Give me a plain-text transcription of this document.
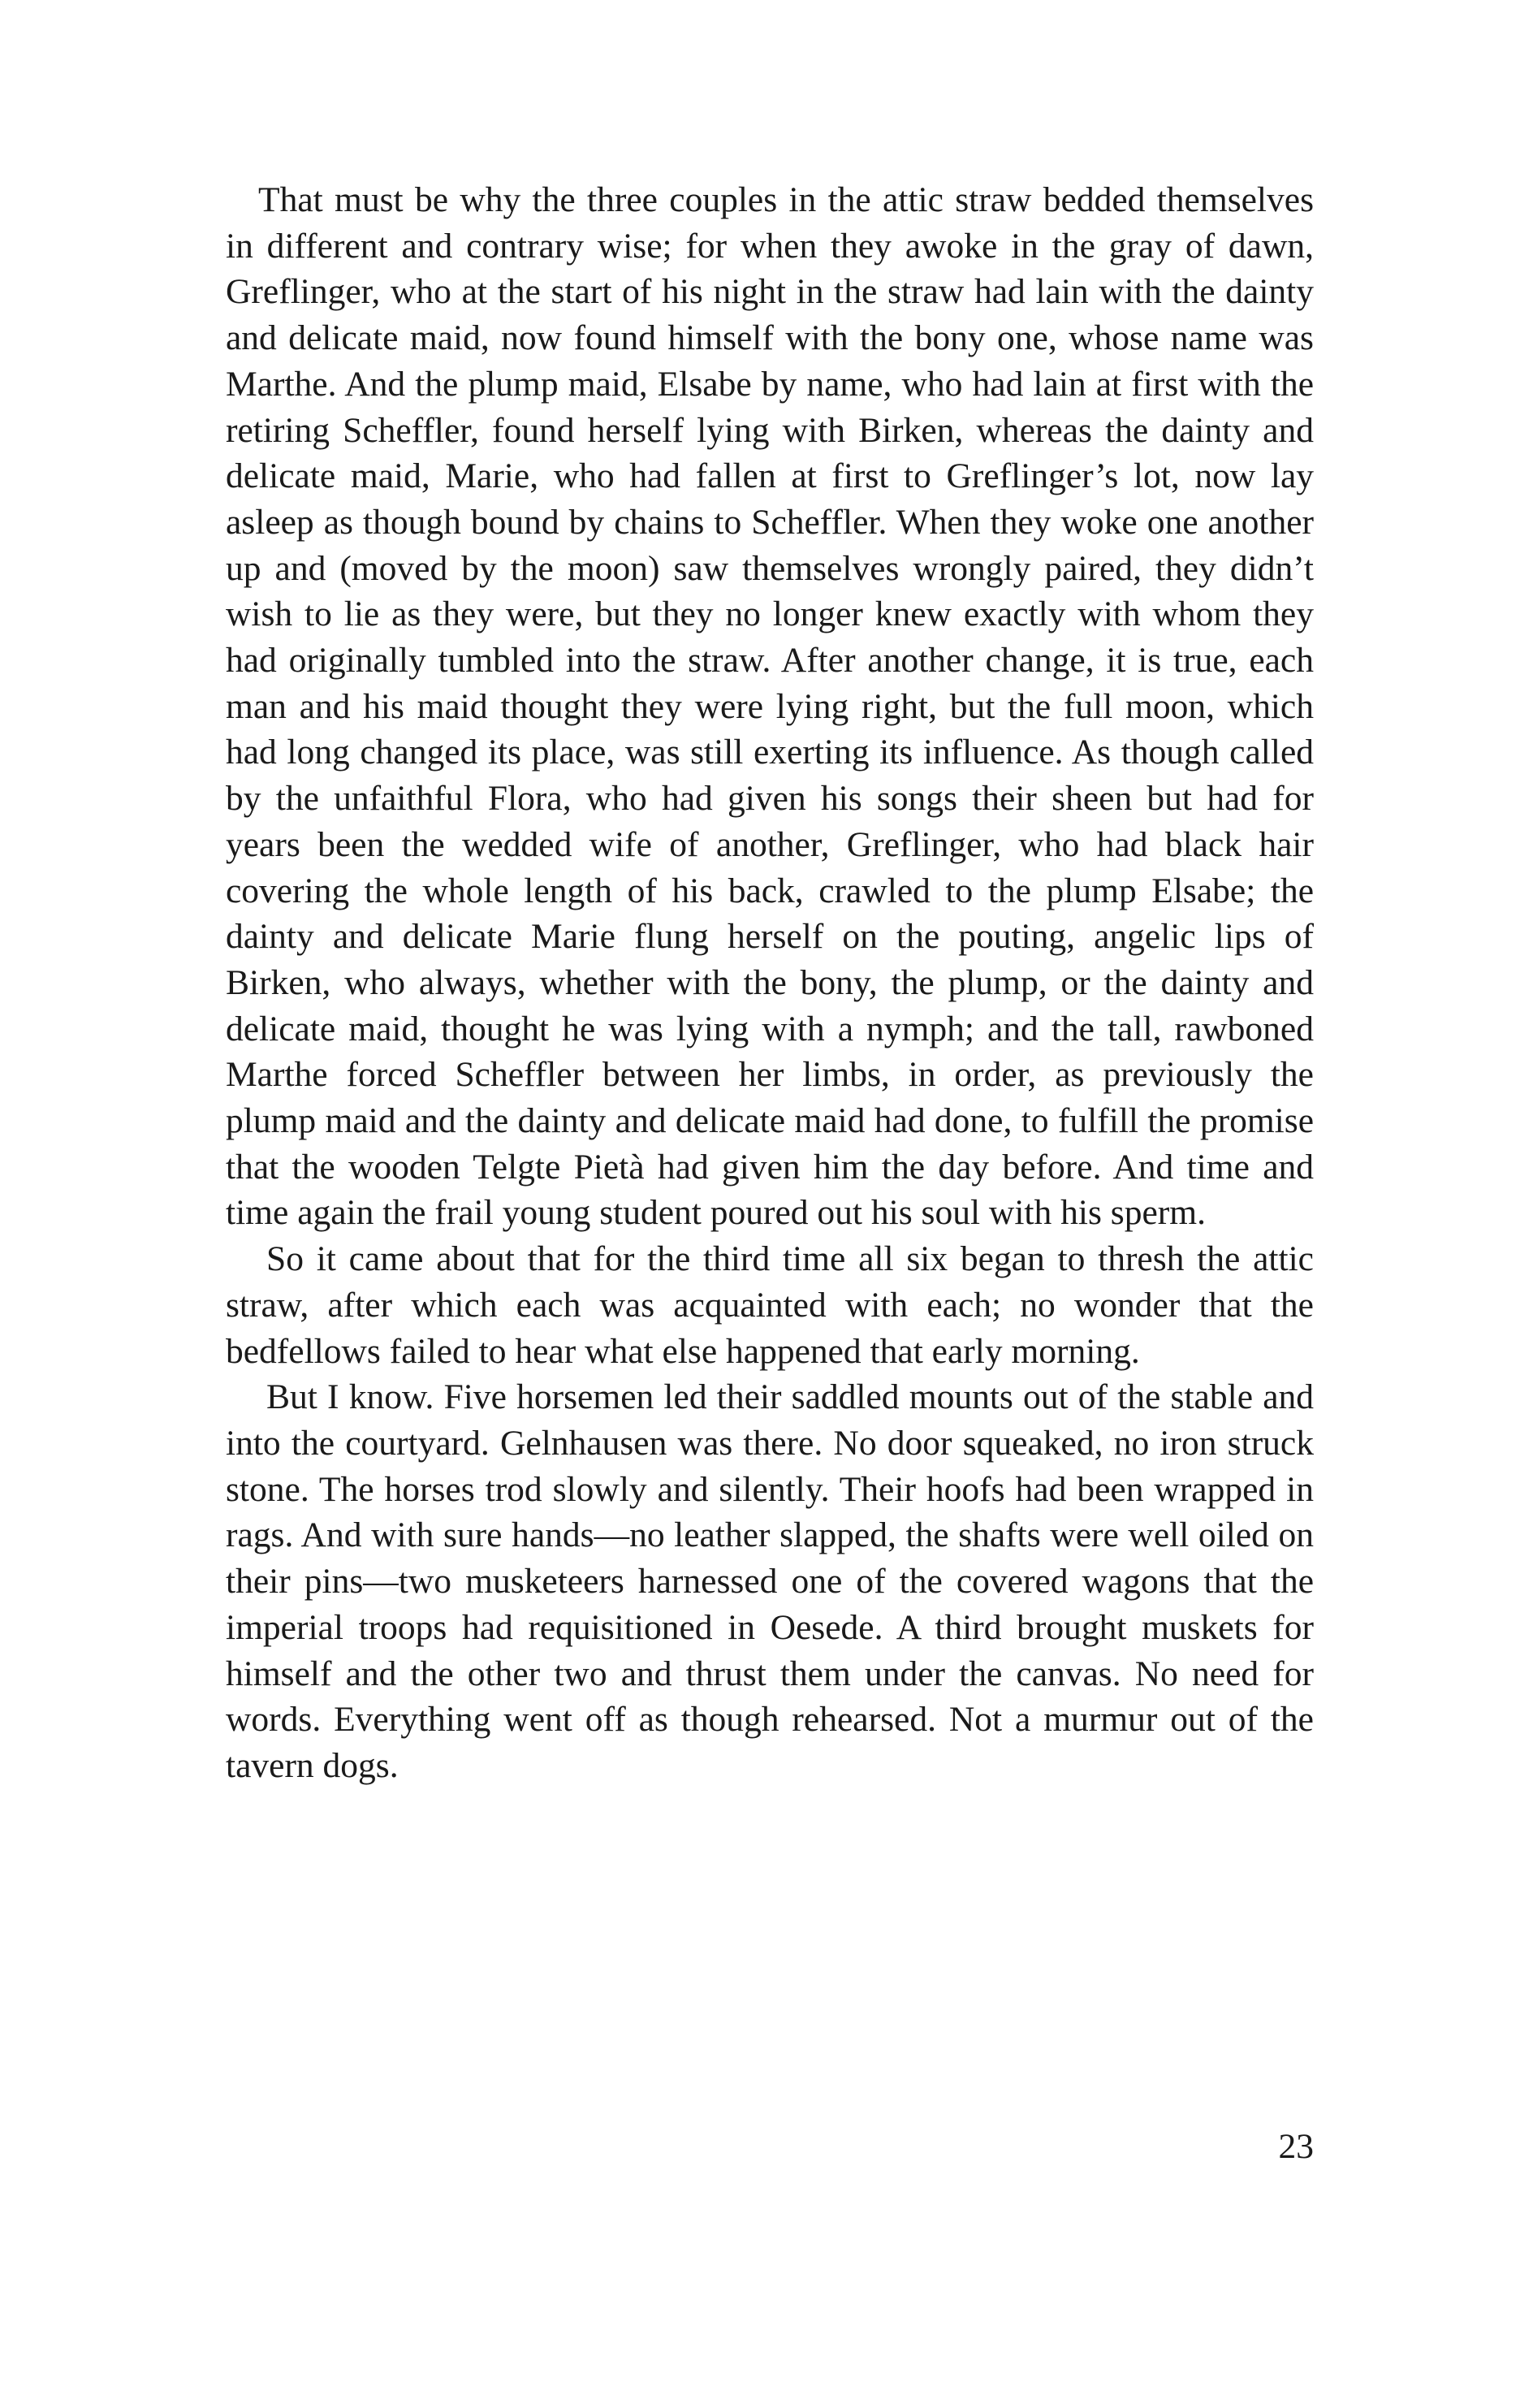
That must be why the three couples in the attic straw bedded themselves in different and contrary wise; for when they awoke in the gray of dawn, Greflinger, who at the start of his night in the straw had lain with the dainty and delicate maid, now found himself with the bony one, whose name was Marthe. And the plump maid, Elsabe by name, who had lain at first with the retiring Scheffler, found herself lying with Birken, whereas the dainty and delicate maid, Marie, who had fallen at first to Greflinger’s lot, now lay asleep as though bound by chains to Scheffler. When they woke one another up and (moved by the moon) saw themselves wrongly paired, they didn’t wish to lie as they were, but they no longer knew exactly with whom they had originally tumbled into the straw. After another change, it is true, each man and his maid thought they were lying right, but the full moon, which had long changed its place, was still exerting its influence. As though called by the unfaithful Flora, who had given his songs their sheen but had for years been the wedded wife of another, Greflinger, who had black hair covering the whole length of his back, crawled to the plump Elsabe; the dainty and delicate Marie flung herself on the pouting, angelic lips of Birken, who always, whether with the bony, the plump, or the dainty and delicate maid, thought he was lying with a nymph; and the tall, rawboned Marthe forced Scheffler between her limbs, in order, as previously the plump maid and the dainty and delicate maid had done, to fulfill the promise that the wooden Telgte Pietà had given him the day before. And time and time again the frail young student poured out his soul with his sperm.

So it came about that for the third time all six began to thresh the attic straw, after which each was acquainted with each; no wonder that the bedfellows failed to hear what else happened that early morning.

But I know. Five horsemen led their saddled mounts out of the stable and into the courtyard. Gelnhausen was there. No door squeaked, no iron struck stone. The horses trod slowly and silently. Their hoofs had been wrapped in rags. And with sure hands—no leather slapped, the shafts were well oiled on their pins—two musketeers harnessed one of the covered wagons that the imperial troops had requisitioned in Oesede. A third brought muskets for himself and the other two and thrust them under the canvas. No need for words. Everything went off as though rehearsed. Not a murmur out of the tavern dogs.

23
